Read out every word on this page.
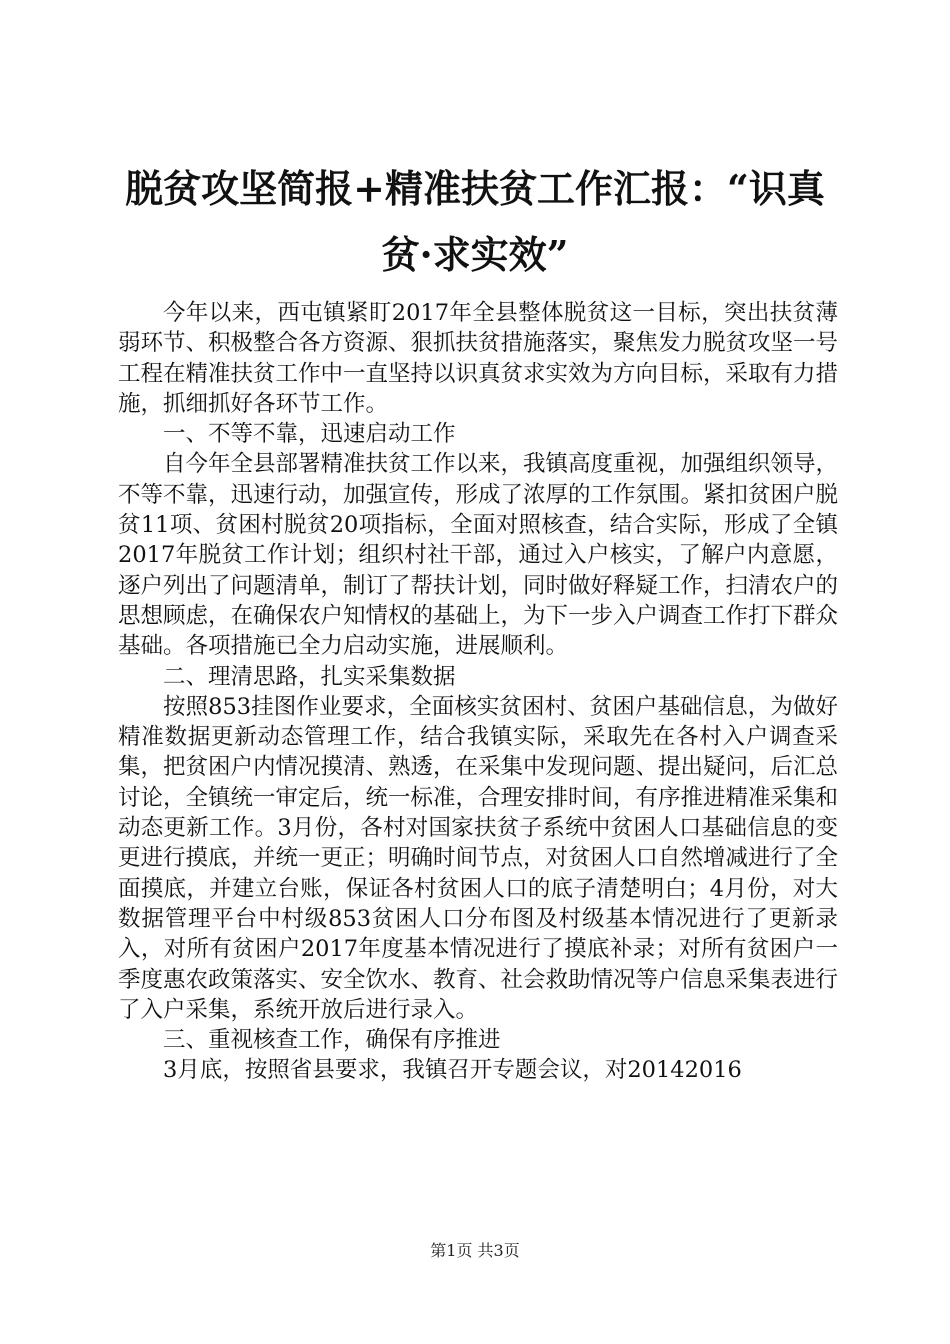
脱贫攻坚简报+精准扶贫工作汇报：“识真
贫·求实效”

今年以来，西屯镇紧盯2017年全县整体脱贫这一目标，突出扶贫薄弱环节、积极整合各方资源、狠抓扶贫措施落实，聚焦发力脱贫攻坚一号工程在精准扶贫工作中一直坚持以识真贫求实效为方向目标，采取有力措施，抓细抓好各环节工作。

一、不等不靠，迅速启动工作

自今年全县部署精准扶贫工作以来，我镇高度重视，加强组织领导，不等不靠，迅速行动，加强宣传，形成了浓厚的工作氛围。紧扣贫困户脱贫11项、贫困村脱贫20项指标，全面对照核查，结合实际，形成了全镇2017年脱贫工作计划；组织村社干部，通过入户核实，了解户内意愿，逐户列出了问题清单，制订了帮扶计划，同时做好释疑工作，扫清农户的思想顾虑，在确保农户知情权的基础上，为下一步入户调查工作打下群众基础。各项措施已全力启动实施，进展顺利。

二、理清思路，扎实采集数据

按照853挂图作业要求，全面核实贫困村、贫困户基础信息，为做好精准数据更新动态管理工作，结合我镇实际，采取先在各村入户调查采集，把贫困户内情况摸清、熟透，在采集中发现问题、提出疑问，后汇总讨论，全镇统一审定后，统一标准，合理安排时间，有序推进精准采集和动态更新工作。3月份，各村对国家扶贫子系统中贫困人口基础信息的变更进行摸底，并统一更正；明确时间节点，对贫困人口自然增减进行了全面摸底，并建立台账，保证各村贫困人口的底子清楚明白；4月份，对大数据管理平台中村级853贫困人口分布图及村级基本情况进行了更新录入，对所有贫困户2017年度基本情况进行了摸底补录；对所有贫困户一季度惠农政策落实、安全饮水、教育、社会救助情况等户信息采集表进行了入户采集，系统开放后进行录入。

三、重视核查工作，确保有序推进

3月底，按照省县要求，我镇召开专题会议，对20142016

第1页 共3页
